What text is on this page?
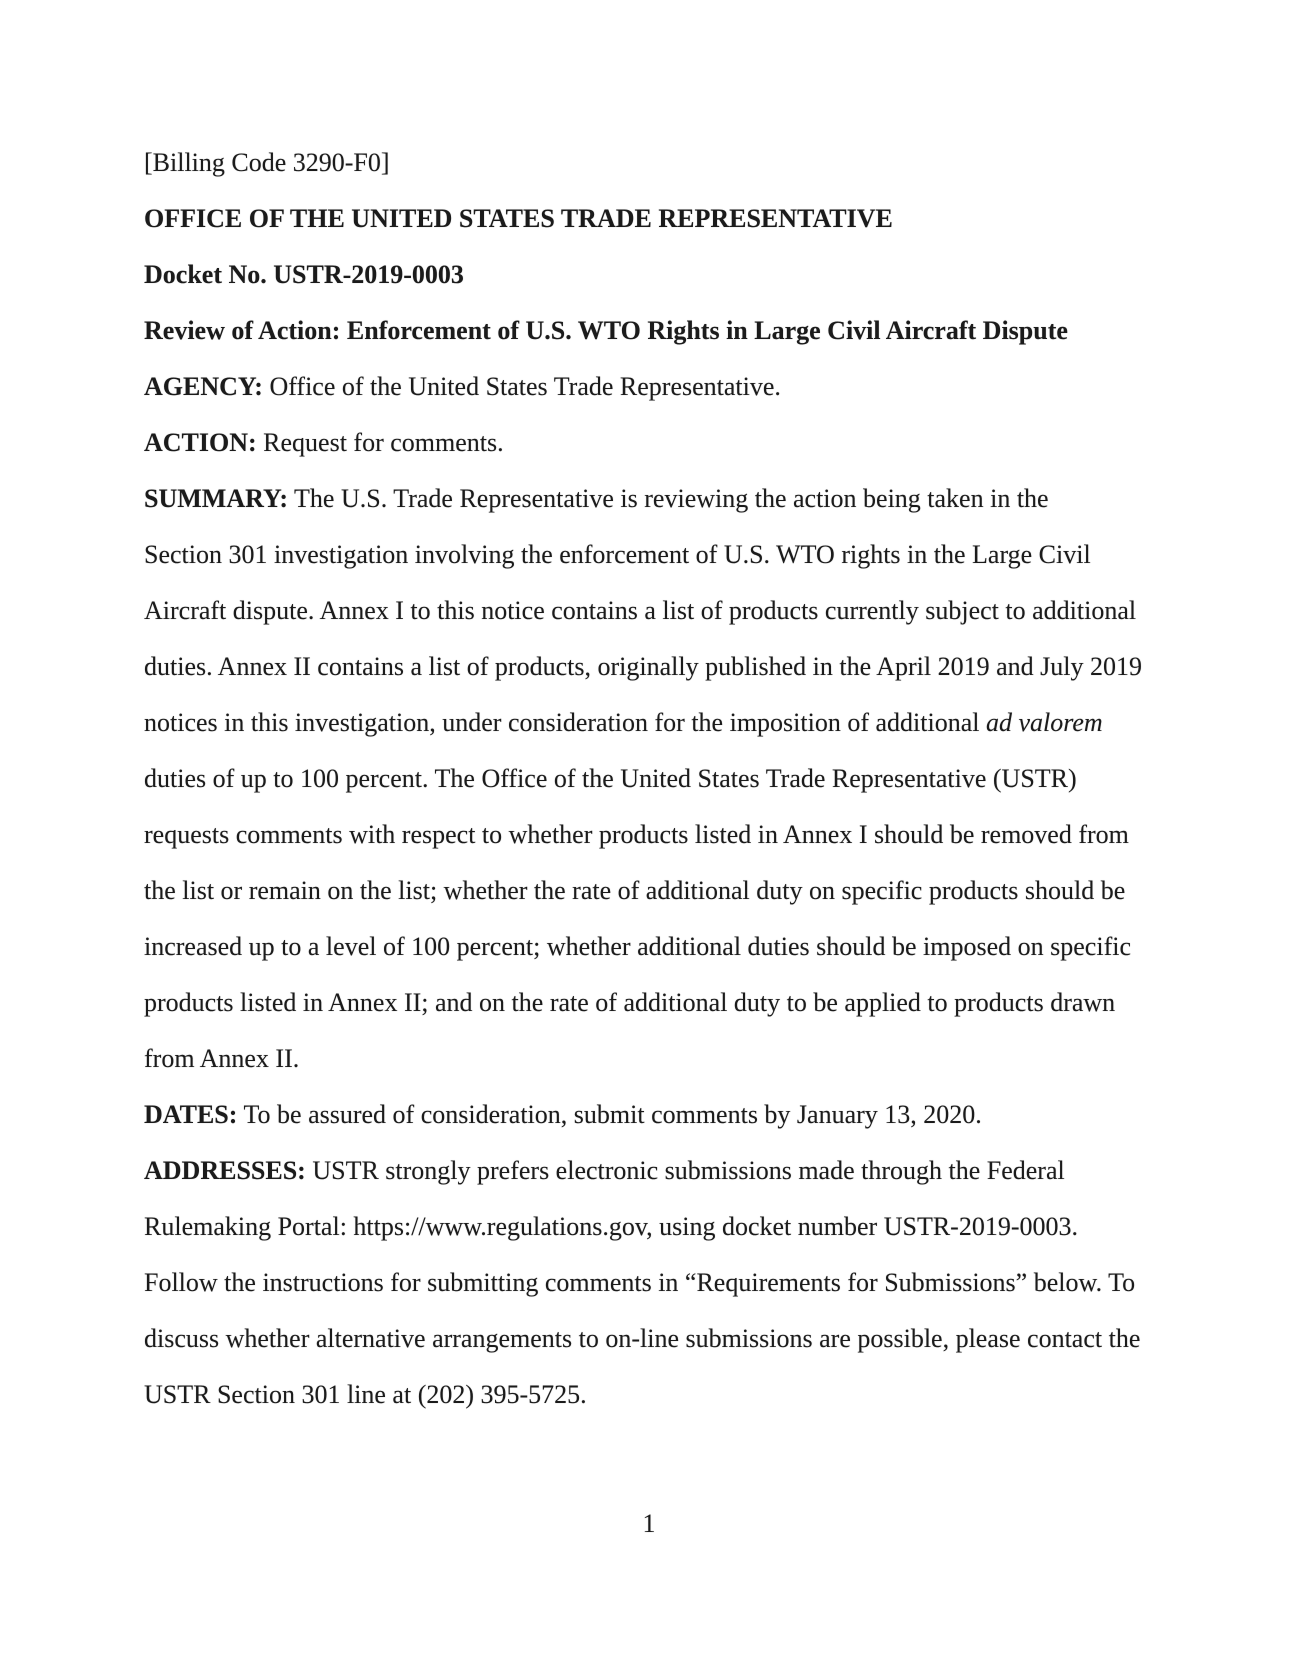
[Billing Code 3290-F0]
OFFICE OF THE UNITED STATES TRADE REPRESENTATIVE
Docket No. USTR-2019-0003
Review of Action: Enforcement of U.S. WTO Rights in Large Civil Aircraft Dispute
AGENCY: Office of the United States Trade Representative.
ACTION: Request for comments.
SUMMARY: The U.S. Trade Representative is reviewing the action being taken in the
Section 301 investigation involving the enforcement of U.S. WTO rights in the Large Civil
Aircraft dispute. Annex I to this notice contains a list of products currently subject to additional
duties. Annex II contains a list of products, originally published in the April 2019 and July 2019
notices in this investigation, under consideration for the imposition of additional ad valorem
duties of up to 100 percent. The Office of the United States Trade Representative (USTR)
requests comments with respect to whether products listed in Annex I should be removed from
the list or remain on the list; whether the rate of additional duty on specific products should be
increased up to a level of 100 percent; whether additional duties should be imposed on specific
products listed in Annex II; and on the rate of additional duty to be applied to products drawn
from Annex II.
DATES: To be assured of consideration, submit comments by January 13, 2020.
ADDRESSES: USTR strongly prefers electronic submissions made through the Federal
Rulemaking Portal: https://www.regulations.gov, using docket number USTR-2019-0003.
Follow the instructions for submitting comments in “Requirements for Submissions” below. To
discuss whether alternative arrangements to on-line submissions are possible, please contact the
USTR Section 301 line at (202) 395-5725.
1
